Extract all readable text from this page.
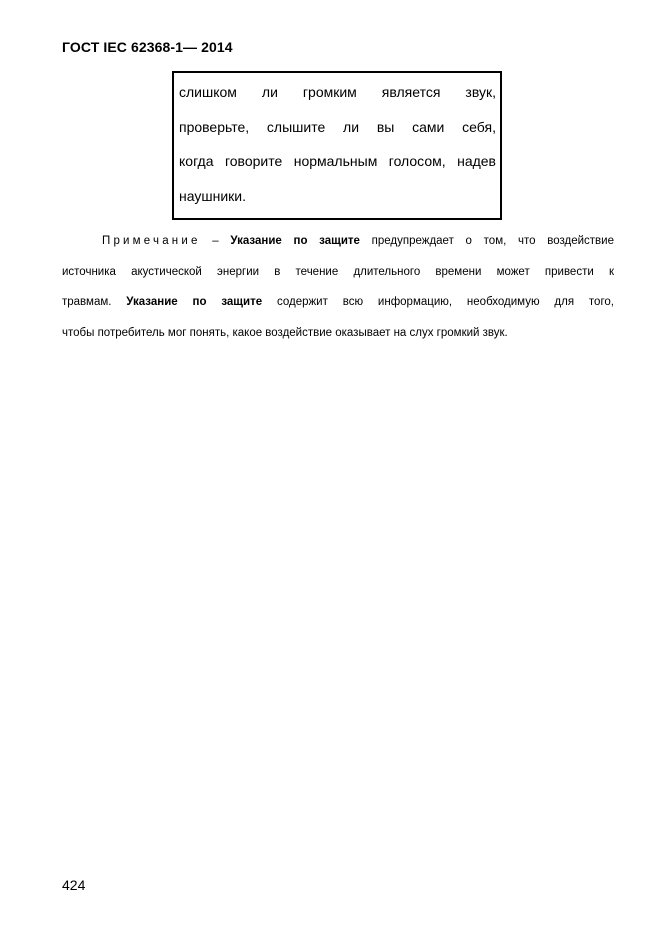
ГОСТ IEC 62368-1— 2014
слишком ли громким является звук,
проверьте, слышите ли вы сами себя,
когда говорите нормальным голосом, надев
наушники.
Примечание – Указание по защите предупреждает о том, что воздействие
источника акустической энергии в течение длительного времени может привести к
травмам. Указание по защите содержит всю информацию, необходимую для того,
чтобы потребитель мог понять, какое воздействие оказывает на слух громкий звук.
424
